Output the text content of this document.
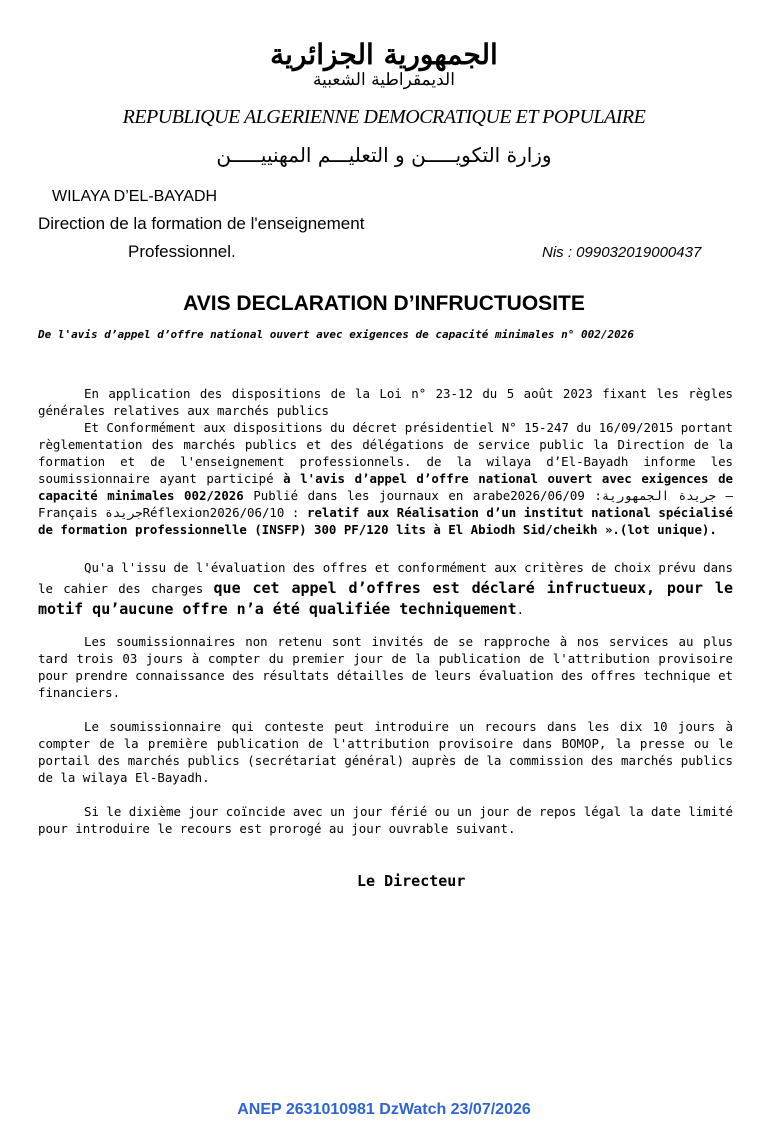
الجمهورية الجزائرية
الديمقراطية الشعبية
REPUBLIQUE ALGERIENNE DEMOCRATIQUE ET POPULAIRE
وزارة التكويـــــن و التعليـــم المهنييـــــن
WILAYA D’EL-BAYADH
Direction de la formation de l'enseignement
Professionnel.	Nis : 099032019000437
AVIS DECLARATION D’INFRUCTUOSITE
De l'avis d’appel d’offre national ouvert avec exigences de capacité minimales n° 002/2026
En application des dispositions de la Loi n° 23-12 du 5 août 2023 fixant les règles générales relatives aux marchés publics
Et Conformément aux dispositions du décret présidentiel N° 15-247 du 16/09/2015 portant règlementation des marchés publics et des délégations de service public la Direction de la formation et de l'enseignement professionnels. de la wilaya d’El-Bayadh informe les soumissionnaire ayant participé à l'avis d’appel d’offre national ouvert avec exigences de capacité minimales 002/2026 Publié dans les journaux en arabe2026/06/09 :جريدة الجمهورية – Français جريدةRéflexion2026/06/10 : relatif aux Réalisation d’un institut national spécialisé de formation professionnelle (INSFP) 300 PF/120 lits à El Abiodh Sid/cheikh ».(lot unique).
Qu'a l'issu de l'évaluation des offres et conformément aux critères de choix prévu dans le cahier des charges que cet appel d’offres est déclaré infructueux, pour le motif qu’aucune offre n’a été qualifiée techniquement.
Les soumissionnaires non retenu sont invités de se rapproche à nos services au plus tard trois 03 jours à compter du premier jour de la publication de l'attribution provisoire pour prendre connaissance des résultats détailles de leurs évaluation des offres technique et financiers.
Le soumissionnaire qui conteste peut introduire un recours dans les dix 10 jours à compter de la première publication de l'attribution provisoire dans BOMOP, la presse ou le portail des marchés publics (secrétariat général) auprès de la commission des marchés publics de la wilaya El-Bayadh.
Si le dixième jour coïncide avec un jour férié ou un jour de repos légal la date limité pour introduire le recours est prorogé au jour ouvrable suivant.
Le Directeur
ANEP 2631010981 DzWatch 23/07/2026
